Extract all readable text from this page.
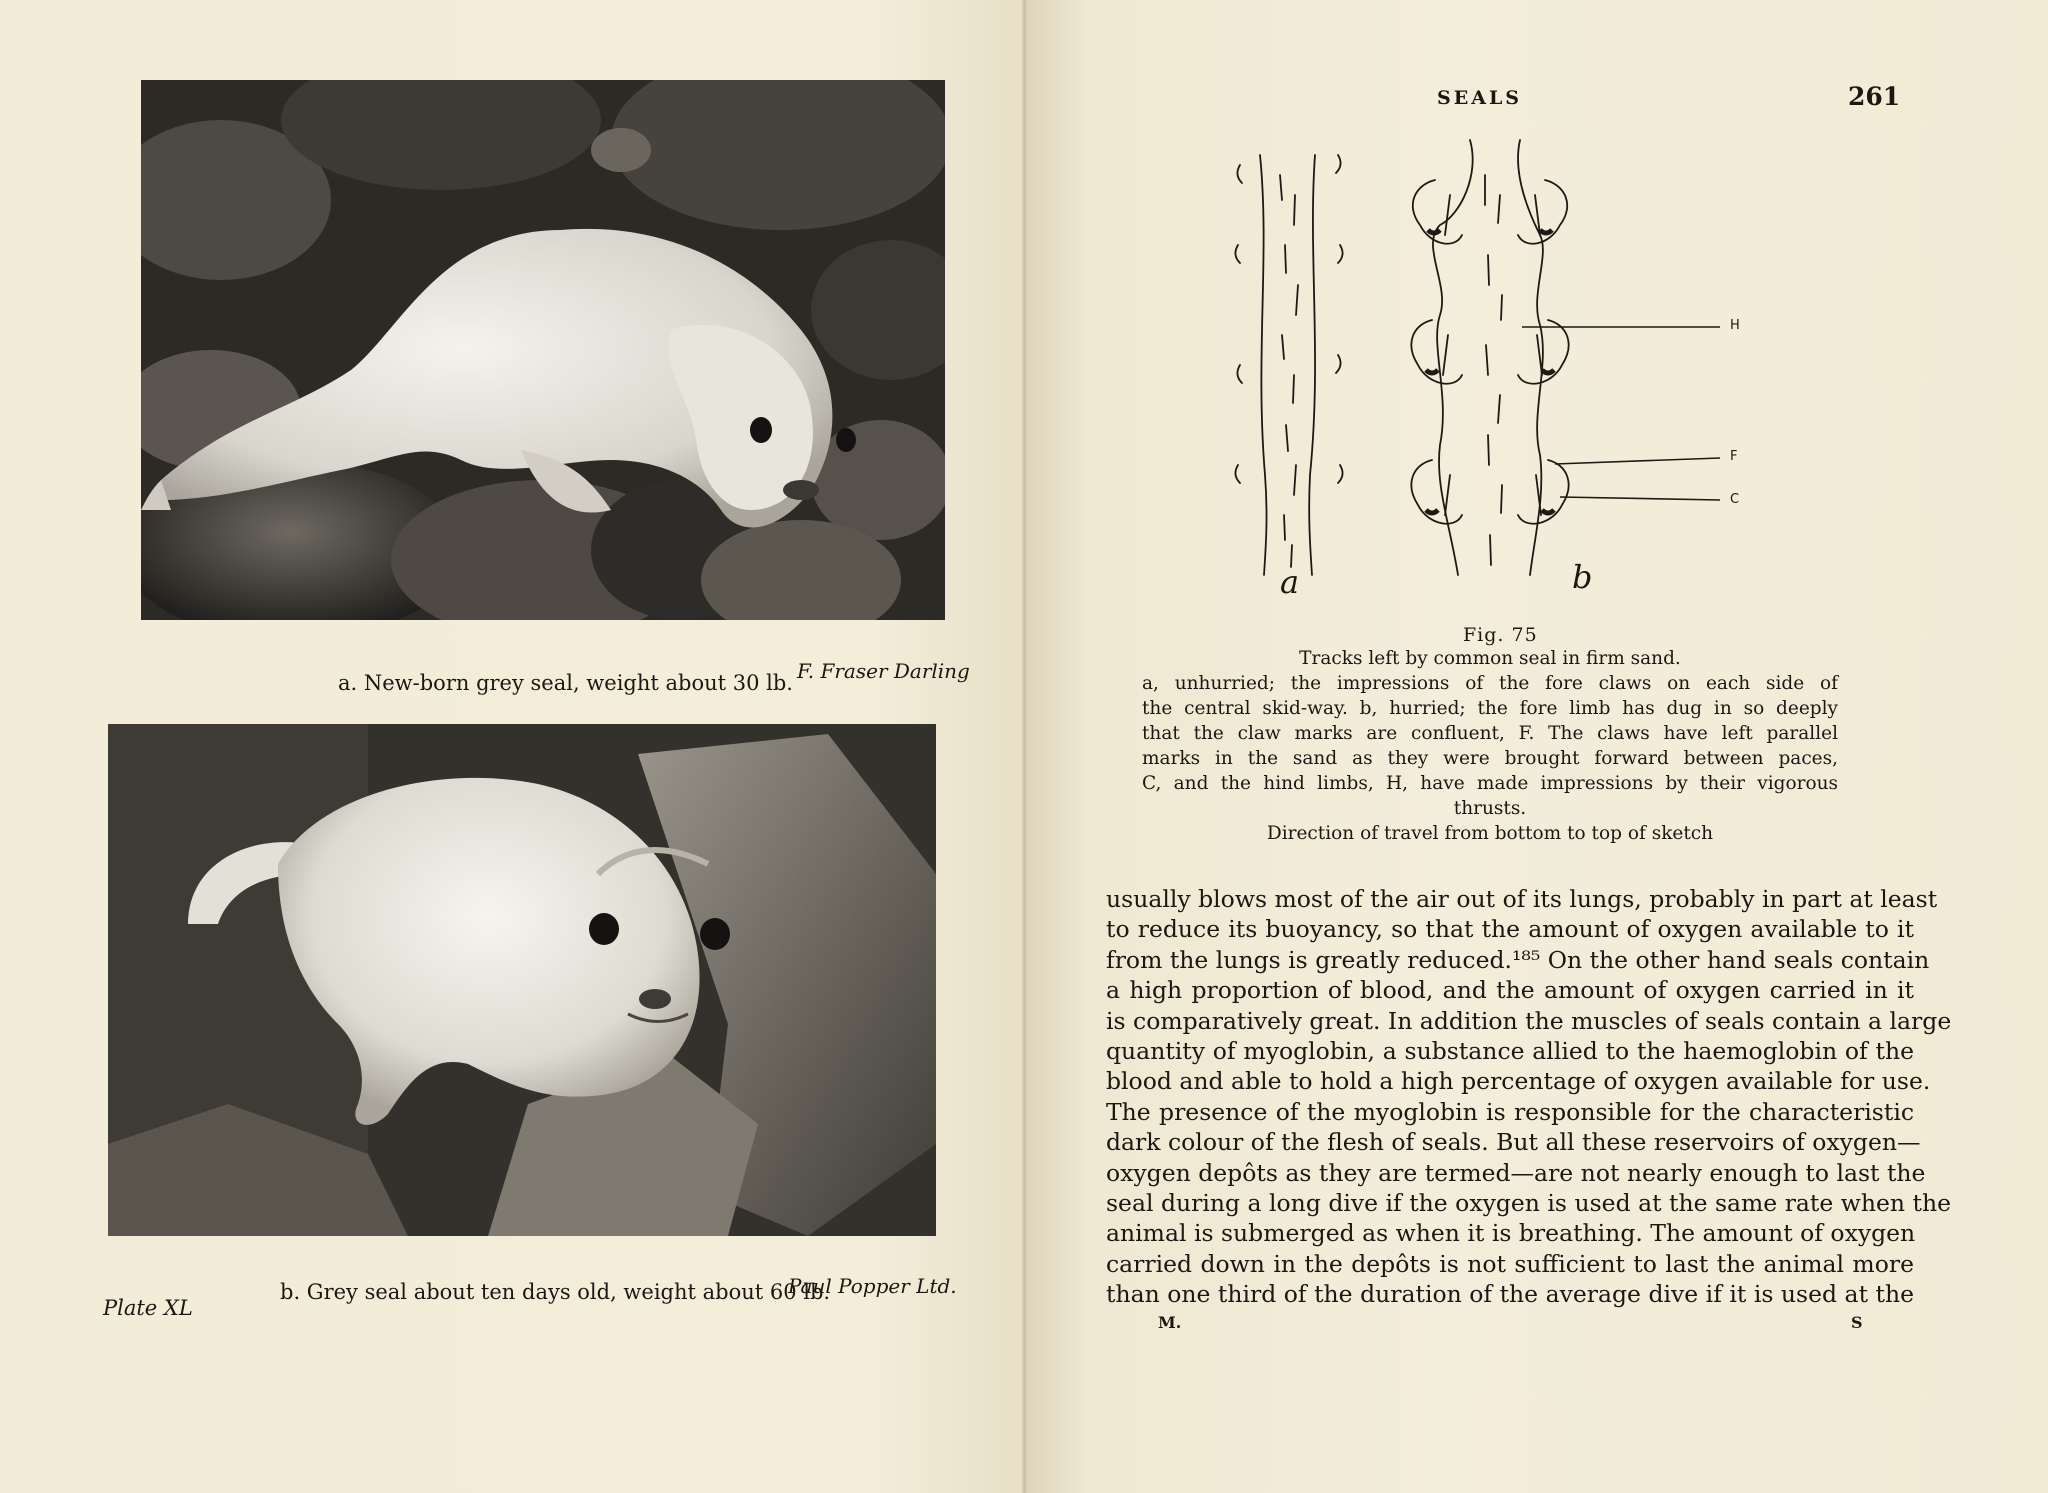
F. Fraser Darling
a. New-born grey seal, weight about 30 lb.
Paul Popper Ltd.
b. Grey seal about ten days old, weight about 60 lb.
Plate XL
SEALS	261
H
F
C
a	b
Fig. 75
Tracks left by common seal in firm sand.
a, unhurried; the impressions of the fore claws on each side of
the central skid-way. b, hurried; the fore limb has dug in so deeply
that the claw marks are confluent, F. The claws have left parallel
marks in the sand as they were brought forward between paces,
C, and the hind limbs, H, have made impressions by their vigorous
thrusts.
Direction of travel from bottom to top of sketch
usually blows most of the air out of its lungs, probably in part at least
to reduce its buoyancy, so that the amount of oxygen available to it
from the lungs is greatly reduced.¹⁸⁵ On the other hand seals contain
a high proportion of blood, and the amount of oxygen carried in it
is comparatively great. In addition the muscles of seals contain a large
quantity of myoglobin, a substance allied to the haemoglobin of the
blood and able to hold a high percentage of oxygen available for use.
The presence of the myoglobin is responsible for the characteristic
dark colour of the flesh of seals. But all these reservoirs of oxygen—
oxygen depôts as they are termed—are not nearly enough to last the
seal during a long dive if the oxygen is used at the same rate when the
animal is submerged as when it is breathing. The amount of oxygen
carried down in the depôts is not sufficient to last the animal more
than one third of the duration of the average dive if it is used at the
M.	S
